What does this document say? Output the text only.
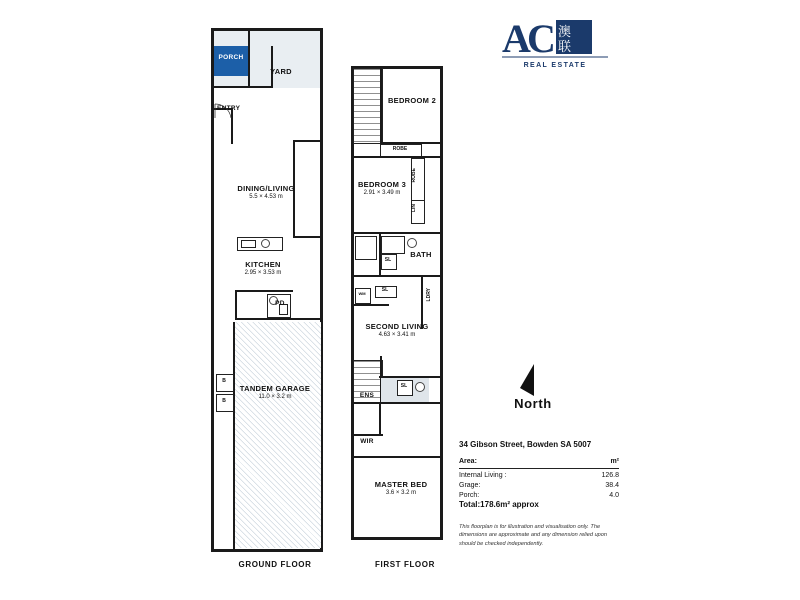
A
C 澳
联
REAL ESTATE
B
B
PORCH
YARD
ENTRY
DINING/LIVING
5.5 × 4.53 m
KITCHEN
2.95 × 3.53 m
PD
TANDEM GARAGE
11.0 × 3.2 m
GROUND FLOOR
ROBE
ROBE
LIN
SL
LDRY
WM
SL
SL
BEDROOM 2
BEDROOM 3
2.91 × 3.49 m
BATH
SECOND LIVING
4.63 × 3.41 m
ENS
WIR
MASTER BED
3.6 × 3.2 m
FIRST FLOOR
North
34 Gibson Street, Bowden SA 5007
Area:	m²
Internal Living :	126.8
Grage:	38.4
Porch:	4.0
Total:178.6m² approx
This floorplan is for illustration and visualisation only. The dimensions are approximate and any dimension relied upon should be checked independently.
